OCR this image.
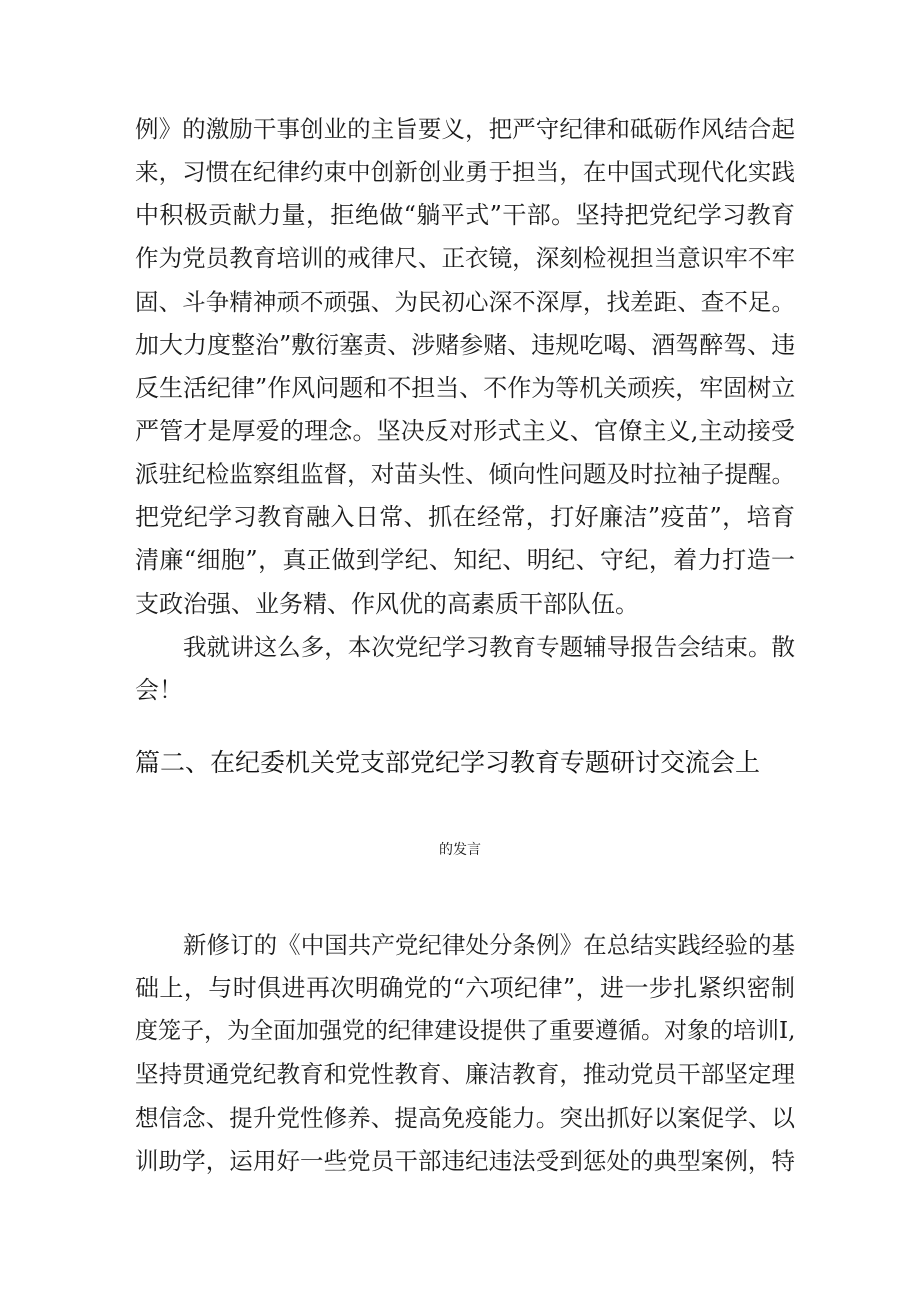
例》的激励干事创业的主旨要义，把严守纪律和砥砺作风结合起
来，习惯在纪律约束中创新创业勇于担当，在中国式现代化实践
中积极贡献力量，拒绝做“躺平式”干部。坚持把党纪学习教育
作为党员教育培训的戒律尺、正衣镜，深刻检视担当意识牢不牢
固、斗争精神顽不顽强、为民初心深不深厚，找差距、查不足。
加大力度整治”敷衍塞责、涉赌参赌、违规吃喝、酒驾醉驾、违
反生活纪律”作风问题和不担当、不作为等机关顽疾，牢固树立
严管才是厚爱的理念。坚决反对形式主义、官僚主义,主动接受
派驻纪检监察组监督，对苗头性、倾向性问题及时拉袖子提醒。
把党纪学习教育融入日常、抓在经常，打好廉洁”疫苗”，培育
清廉“细胞”，真正做到学纪、知纪、明纪、守纪，着力打造一
支政治强、业务精、作风优的高素质干部队伍。
我就讲这么多，本次党纪学习教育专题辅导报告会结束。散
会！
篇二、在纪委机关党支部党纪学习教育专题研讨交流会上
的发言
新修订的《中国共产党纪律处分条例》在总结实践经验的基
础上，与时俱进再次明确党的“六项纪律”，进一步扎紧织密制
度笼子，为全面加强党的纪律建设提供了重要遵循。对象的培训I,
坚持贯通党纪教育和党性教育、廉洁教育，推动党员干部坚定理
想信念、提升党性修养、提高免疫能力。突出抓好以案促学、以
训助学，运用好一些党员干部违纪违法受到惩处的典型案例，特
